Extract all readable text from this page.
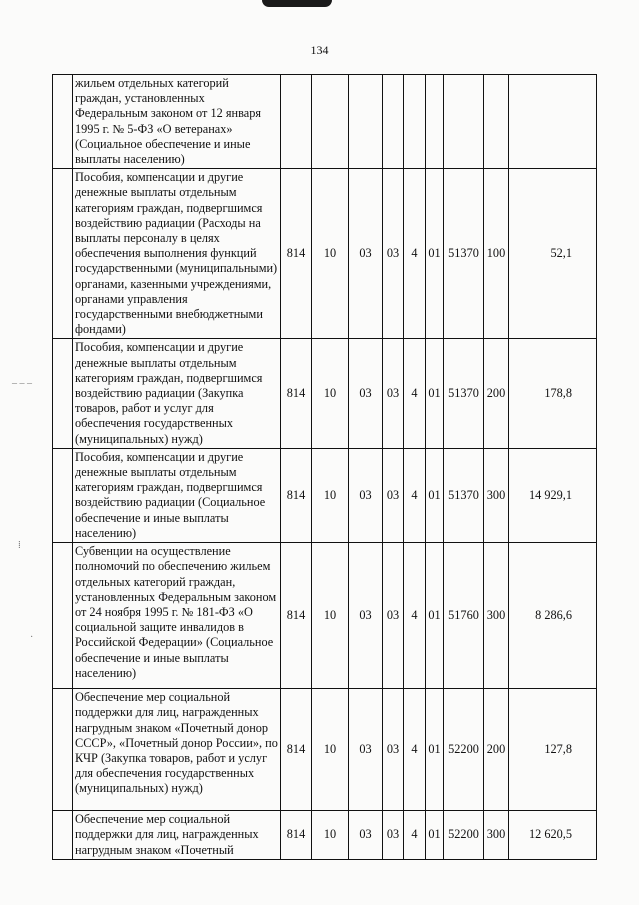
– – –
⁞
·
134
	жильем отдельных категорий граждан, установленных Федеральным законом от 12 января 1995 г. № 5-ФЗ «О ветеранах» (Социальное обеспечение и иные выплаты населению)									
	Пособия, компенсации и другие денежные выплаты отдельным категориям граждан, подвергшимся воздействию радиации (Расходы на выплаты персоналу в целях обеспечения выполнения функций государственными (муниципальными) органами, казенными учреждениями, органами управления государственными внебюджетными фондами)	814	10	03	03	4	01	51370	100	52,1
	Пособия, компенсации и другие денежные выплаты отдельным категориям граждан, подвергшимся воздействию радиации (Закупка товаров, работ и услуг для обеспечения государственных (муниципальных) нужд)	814	10	03	03	4	01	51370	200	178,8
	Пособия, компенсации и другие денежные выплаты отдельным категориям граждан, подвергшимся воздействию радиации (Социальное обеспечение и иные выплаты населению)	814	10	03	03	4	01	51370	300	14 929,1
	Субвенции на осуществление полномочий по обеспечению жильем отдельных категорий граждан, установленных Федеральным законом от 24 ноября 1995 г. № 181-ФЗ «О социальной защите инвалидов в Российской Федерации» (Социальное обеспечение и иные выплаты населению)	814	10	03	03	4	01	51760	300	8 286,6
	Обеспечение мер социальной поддержки для лиц, награжденных нагрудным знаком «Почетный донор СССР», «Почетный донор России», по КЧР (Закупка товаров, работ и услуг для обеспечения государственных (муниципальных) нужд)	814	10	03	03	4	01	52200	200	127,8
	Обеспечение мер социальной поддержки для лиц, награжденных нагрудным знаком «Почетный	814	10	03	03	4	01	52200	300	12 620,5
